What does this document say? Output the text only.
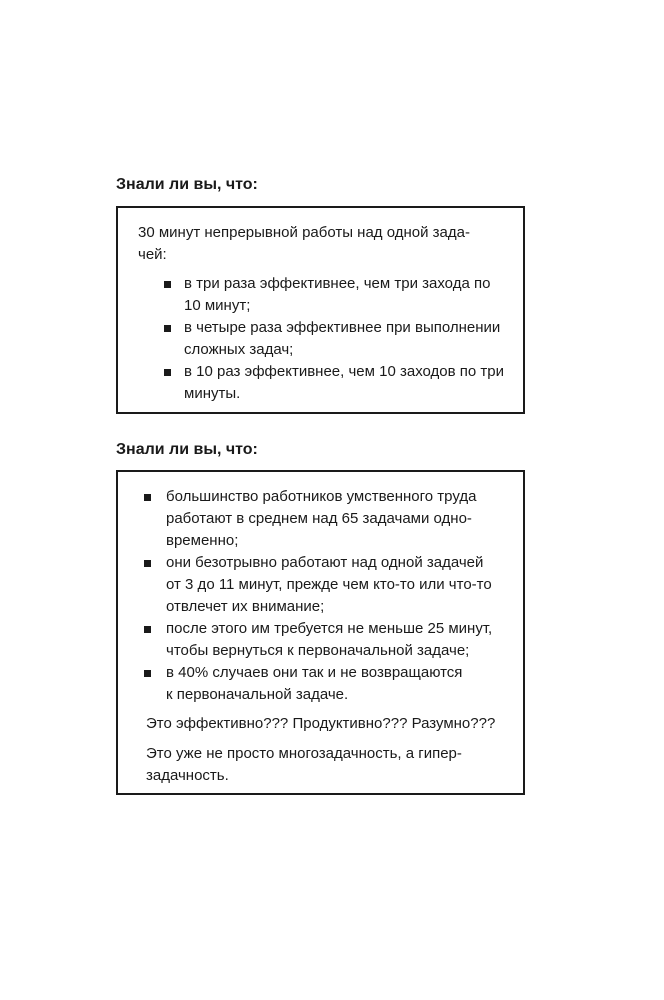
Знали ли вы, что:

30 минут непрерывной работы над одной зада-

чей:

в три раза эффективнее, чем три захода по

10 минут;

в четыре раза эффективнее при выполнении

сложных задач;

в 10 раз эффективнее, чем 10 заходов по три

минуты.

Знали ли вы, что:

большинство работников умственного труда

работают в среднем над 65 задачами одно-

временно;

они безотрывно работают над одной задачей

от 3 до 11 минут, прежде чем кто-то или что-то

отвлечет их внимание;

после этого им требуется не меньше 25 минут,

чтобы вернуться к первоначальной задаче;

в 40% случаев они так и не возвращаются

к первоначальной задаче.

Это эффективно??? Продуктивно??? Разумно???

Это уже не просто многозадачность, а гипер-

задачность.
